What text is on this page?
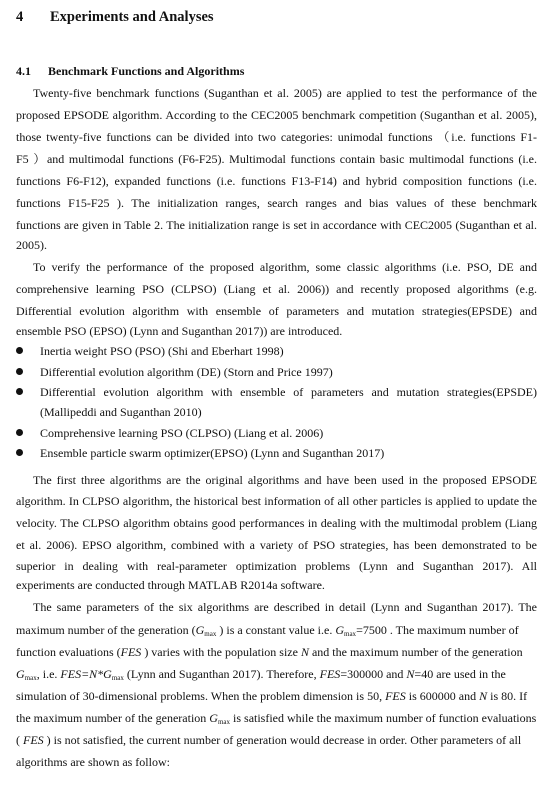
4 Experiments and Analyses
4.1 Benchmark Functions and Algorithms
Twenty-five benchmark functions (Suganthan et al. 2005) are applied to test the performance of the
proposed EPSODE algorithm. According to the CEC2005 benchmark competition (Suganthan et al. 2005),
those twenty-five functions can be divided into two categories: unimodal functions （i.e. functions F1-
F5 ）and multimodal functions (F6-F25). Multimodal functions contain basic multimodal functions (i.e.
functions F6-F12), expanded functions (i.e. functions F13-F14) and hybrid composition functions (i.e.
functions F15-F25 ). The initialization ranges, search ranges and bias values of these benchmark
functions are given in Table 2. The initialization range is set in accordance with CEC2005 (Suganthan et al.
2005).
To verify the performance of the proposed algorithm, some classic algorithms (i.e. PSO, DE and
comprehensive learning PSO (CLPSO) (Liang et al. 2006)) and recently proposed algorithms (e.g.
Differential evolution algorithm with ensemble of parameters and mutation strategies(EPSDE) and
ensemble PSO (EPSO) (Lynn and Suganthan 2017)) are introduced.
Inertia weight PSO (PSO) (Shi and Eberhart 1998)
Differential evolution algorithm (DE) (Storn and Price 1997)
Differential evolution algorithm with ensemble of parameters and mutation strategies(EPSDE)
(Mallipeddi and Suganthan 2010)
Comprehensive learning PSO (CLPSO) (Liang et al. 2006)
Ensemble particle swarm optimizer(EPSO) (Lynn and Suganthan 2017)
The first three algorithms are the original algorithms and have been used in the proposed EPSODE
algorithm. In CLPSO algorithm, the historical best information of all other particles is applied to update the
velocity. The CLPSO algorithm obtains good performances in dealing with the multimodal problem (Liang
et al. 2006). EPSO algorithm, combined with a variety of PSO strategies, has been demonstrated to be
superior in dealing with real-parameter optimization problems (Lynn and Suganthan 2017). All
experiments are conducted through MATLAB R2014a software.
The same parameters of the six algorithms are described in detail (Lynn and Suganthan 2017). The
maximum number of the generation ($G_{max}$ ) is a constant value i.e. $G_{max}=7500$ . The maximum number of
function evaluations (FES ) varies with the population size N and the maximum number of the generation
$G_{max}$, i.e. $FES=N*G_{max}$ (Lynn and Suganthan 2017). Therefore, FES=300000 and N=40 are used in the
simulation of 30-dimensional problems. When the problem dimension is 50, FES is 600000 and N is 80. If
the maximum number of the generation $G_{max}$ is satisfied while the maximum number of function evaluations
( FES ) is not satisfied, the current number of generation would decrease in order. Other parameters of all
algorithms are shown as follow:
